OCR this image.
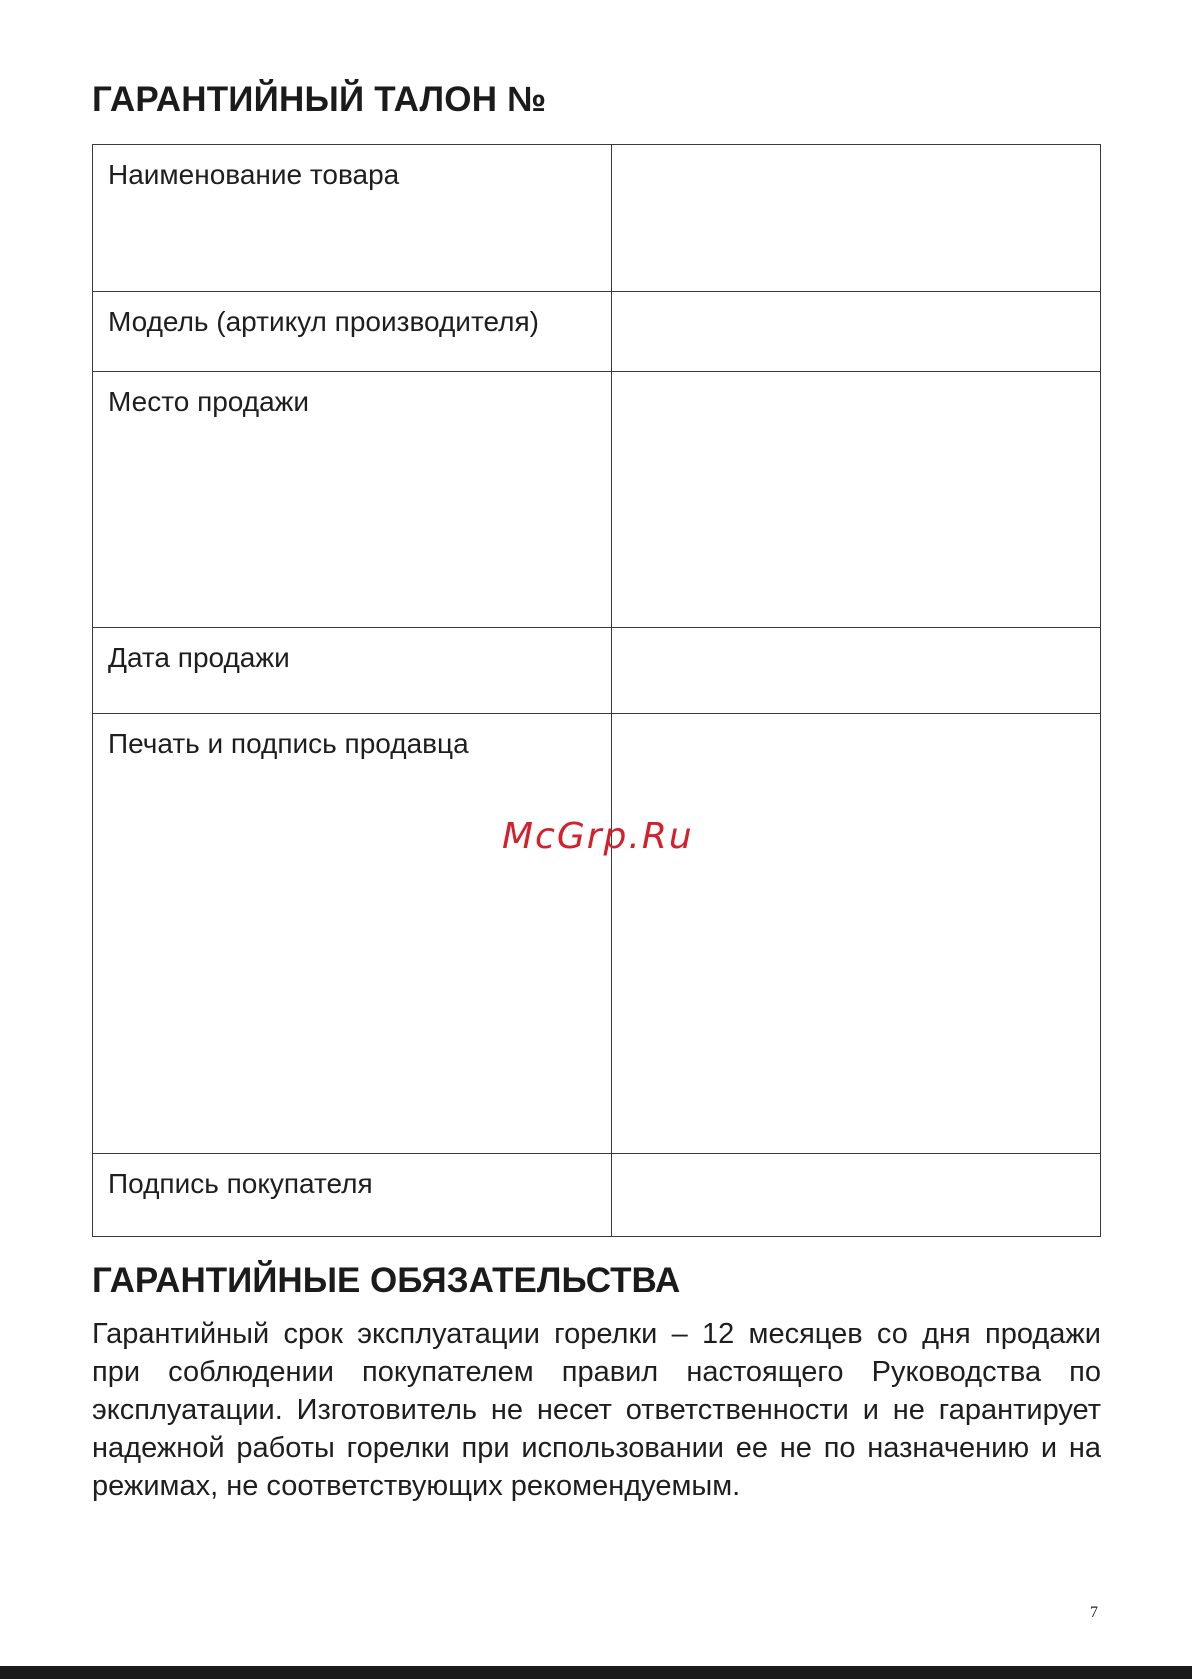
ГАРАНТИЙНЫЙ ТАЛОН №
Наименование товара	
Модель (артикул производителя)	
Место продажи	
Дата продажи	
Печать и подпись продавца	
Подпись покупателя	
McGrp.Ru
ГАРАНТИЙНЫЕ ОБЯЗАТЕЛЬСТВА

Гарантийный срок эксплуатации горелки – 12 месяцев со дня продажи при соблюдении покупателем правил настоящего Руководства по эксплуатации. Изготовитель не несет ответственности и не гарантирует надежной работы горелки при использовании ее не по назначению и на режимах, не соответствующих рекомендуемым.

7
